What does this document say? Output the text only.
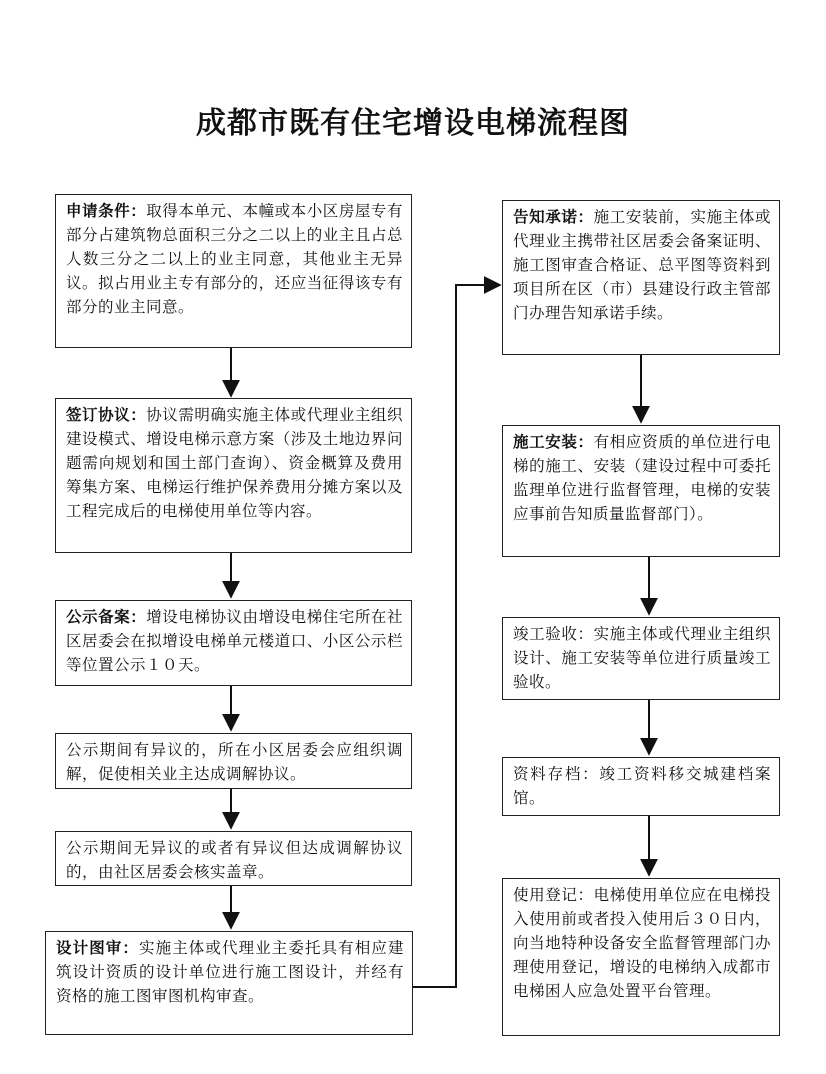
成都市既有住宅增设电梯流程图
申请条件：取得本单元、本幢或本小区房屋专有部分占建筑物总面积三分之二以上的业主且占总人数三分之二以上的业主同意，其他业主无异议。拟占用业主专有部分的，还应当征得该专有部分的业主同意。
签订协议：协议需明确实施主体或代理业主组织建设模式、增设电梯示意方案（涉及土地边界问题需向规划和国土部门查询）、资金概算及费用筹集方案、电梯运行维护保养费用分摊方案以及工程完成后的电梯使用单位等内容。
公示备案：增设电梯协议由增设电梯住宅所在社区居委会在拟增设电梯单元楼道口、小区公示栏等位置公示１０天。
公示期间有异议的，所在小区居委会应组织调解，促使相关业主达成调解协议。
公示期间无异议的或者有异议但达成调解协议的，由社区居委会核实盖章。
设计图审：实施主体或代理业主委托具有相应建筑设计资质的设计单位进行施工图设计，并经有资格的施工图审图机构审查。
告知承诺：施工安装前，实施主体或代理业主携带社区居委会备案证明、施工图审查合格证、总平图等资料到项目所在区（市）县建设行政主管部门办理告知承诺手续。
施工安装：有相应资质的单位进行电梯的施工、安装（建设过程中可委托监理单位进行监督管理，电梯的安装应事前告知质量监督部门）。
竣工验收：实施主体或代理业主组织设计、施工安装等单位进行质量竣工验收。
资料存档：竣工资料移交城建档案馆。
使用登记：电梯使用单位应在电梯投入使用前或者投入使用后３０日内，向当地特种设备安全监督管理部门办理使用登记，增设的电梯纳入成都市电梯困人应急处置平台管理。
